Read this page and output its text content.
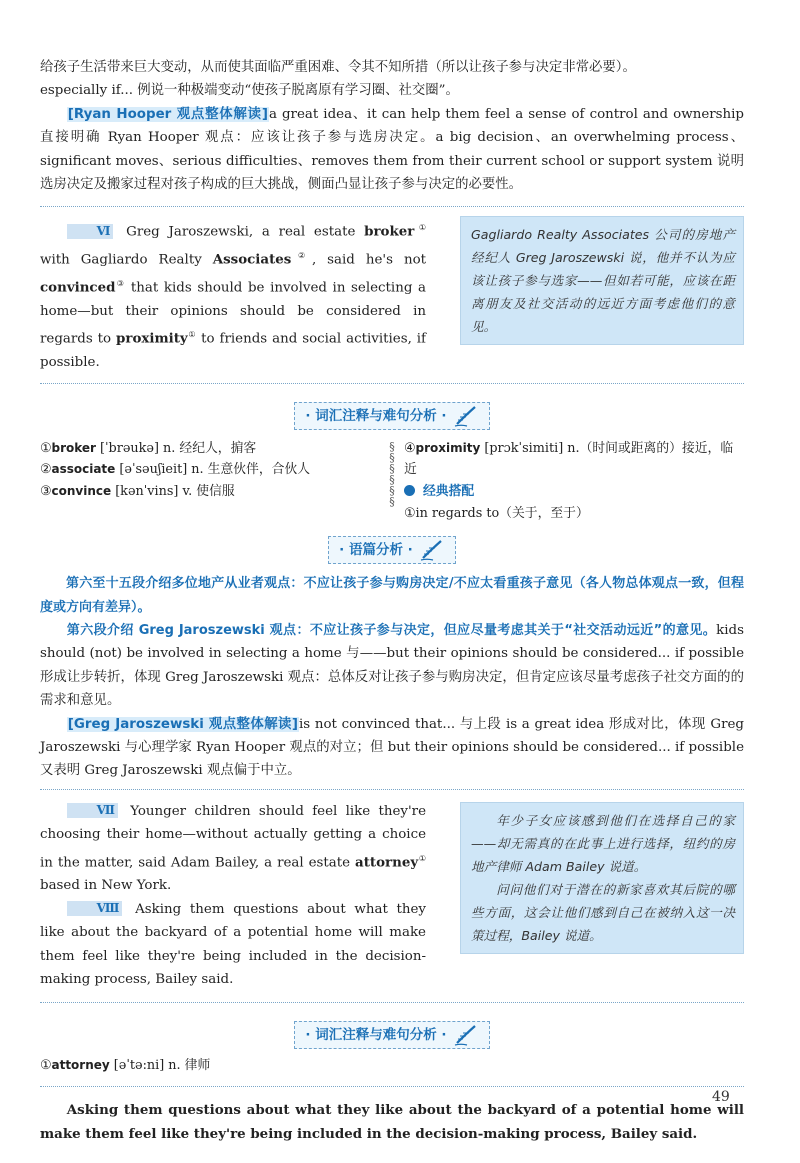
给孩子生活带来巨大变动，从而使其面临严重困难、令其不知所措（所以让孩子参与决定非常必要）。

especially if... 例说一种极端变动“使孩子脱离原有学习圈、社交圈”。

[Ryan Hooper 观点整体解读]a great idea、it can help them feel a sense of control and ownership 直接明确 Ryan Hooper 观点：应该让孩子参与选房决定。a big decision、an overwhelming process、significant moves、serious difficulties、removes them from their current school or support system 说明选房决定及搬家过程对孩子构成的巨大挑战，侧面凸显让孩子参与决定的必要性。

Ⅵ Greg Jaroszewski, a real estate broker① with Gagliardo Realty Associates②, said he's not convinced③ that kids should be involved in selecting a home—but their opinions should be considered in regards to proximity① to friends and social activities, if possible.

Gagliardo Realty Associates 公司的房地产经纪人 Greg Jaroszewski 说，他并不认为应该让孩子参与选家——但如若可能，应该在距离朋友及社交活动的远近方面考虑他们的意见。
· 词汇注释与难句分析 ·
①broker [ˈbrəukə] n. 经纪人，掮客
②associate [əˈsəuʃieit] n. 生意伙伴，合伙人
③convince [kənˈvins] v. 使信服
§
§
§
§
§
§
④proximity [prɔkˈsimiti] n.（时间或距离的）接近，临近
经典搭配
①in regards to（关于，至于）
· 语篇分析 ·

第六至十五段介绍多位地产从业者观点：不应让孩子参与购房决定/不应太看重孩子意见（各人物总体观点一致，但程度或方向有差异）。

第六段介绍 Greg Jaroszewski 观点：不应让孩子参与决定，但应尽量考虑其关于“社交活动远近”的意见。kids should (not) be involved in selecting a home 与——but their opinions should be considered... if possible 形成让步转折，体现 Greg Jaroszewski 观点：总体反对让孩子参与购房决定，但肯定应该尽量考虑孩子社交方面的的需求和意见。

[Greg Jaroszewski 观点整体解读]is not convinced that... 与上段 is a great idea 形成对比，体现 Greg Jaroszewski 与心理学家 Ryan Hooper 观点的对立；但 but their opinions should be considered... if possible 又表明 Greg Jaroszewski 观点偏于中立。

Ⅶ Younger children should feel like they're choosing their home—without actually getting a choice in the matter, said Adam Bailey, a real estate attorney① based in New York.

Ⅷ Asking them questions about what they like about the backyard of a potential home will make them feel like they're being included in the decision-making process, Bailey said.

年少子女应该感到他们在选择自己的家——却无需真的在此事上进行选择，纽约的房地产律师 Adam Bailey 说道。

问问他们对于潜在的新家喜欢其后院的哪些方面，这会让他们感到自己在被纳入这一决策过程，Bailey 说道。

· 词汇注释与难句分析 ·
①attorney [əˈtə:ni] n. 律师

Asking them questions about what they like about the backyard of a potential home will make them feel like they're being included in the decision-making process, Bailey said.

49
